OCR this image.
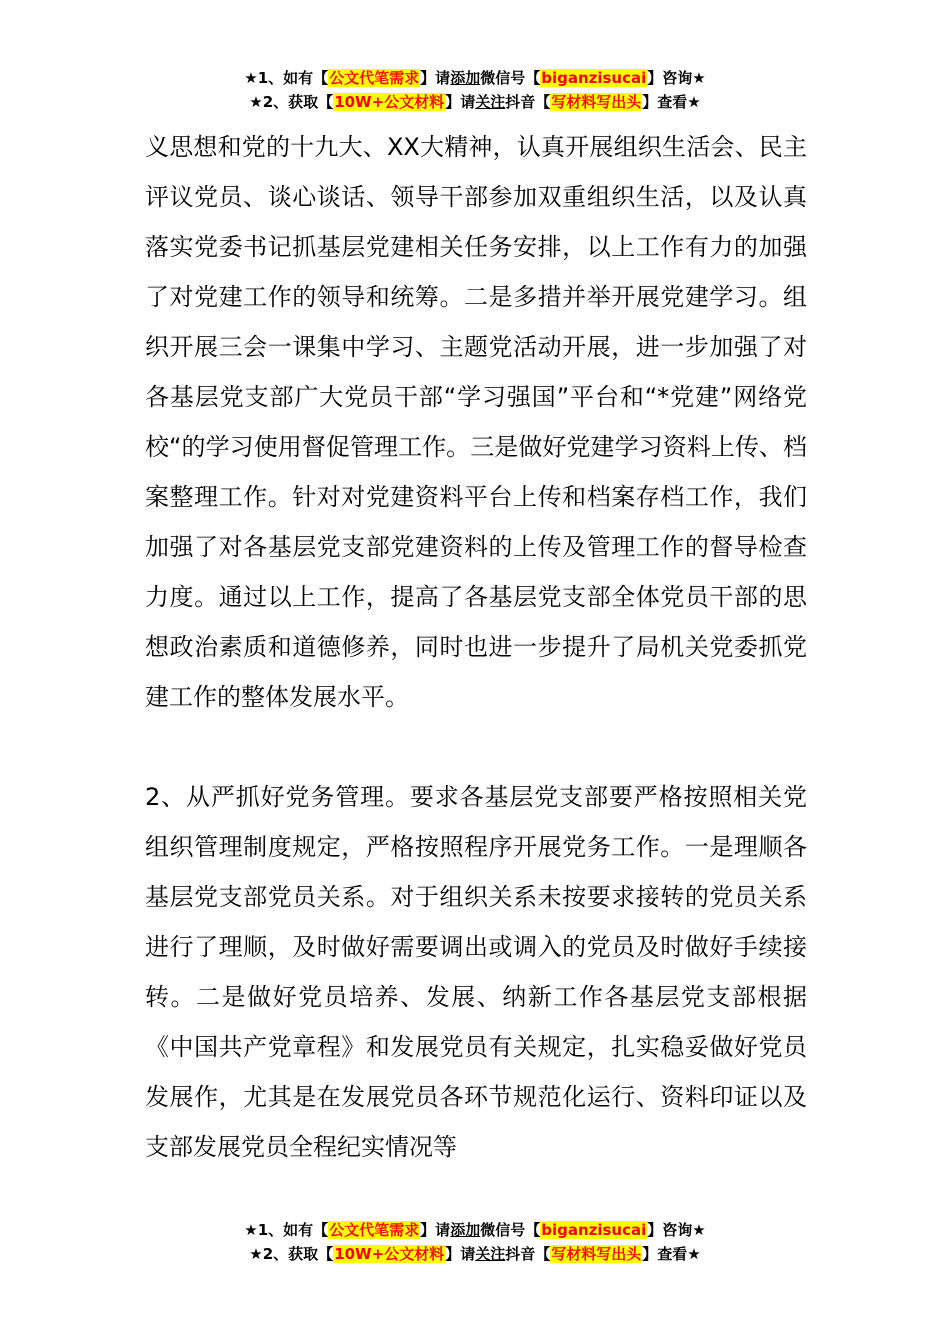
★1、如有【公文代笔需求】请添加微信号【biganzisucai】咨询★
★2、获取【10W+公文材料】请关注抖音【写材料写出头】查看★

义思想和党的十九大、XX大精神，认真开展组织生活会、民主评议党员、谈心谈话、领导干部参加双重组织生活，以及认真落实党委书记抓基层党建相关任务安排，以上工作有力的加强了对党建工作的领导和统筹。二是多措并举开展党建学习。组织开展三会一课集中学习、主题党活动开展，进一步加强了对各基层党支部广大党员干部“学习强国”平台和“*党建”网络党校“的学习使用督促管理工作。三是做好党建学习资料上传、档案整理工作。针对对党建资料平台上传和档案存档工作，我们加强了对各基层党支部党建资料的上传及管理工作的督导检查力度。通过以上工作，提高了各基层党支部全体党员干部的思想政治素质和道德修养，同时也进一步提升了局机关党委抓党建工作的整体发展水平。

2、从严抓好党务管理。要求各基层党支部要严格按照相关党组织管理制度规定，严格按照程序开展党务工作。一是理顺各基层党支部党员关系。对于组织关系未按要求接转的党员关系进行了理顺，及时做好需要调出或调入的党员及时做好手续接转。二是做好党员培养、发展、纳新工作各基层党支部根据《中国共产党章程》和发展党员有关规定，扎实稳妥做好党员发展作，尤其是在发展党员各环节规范化运行、资料印证以及支部发展党员全程纪实情况等

★1、如有【公文代笔需求】请添加微信号【biganzisucai】咨询★
★2、获取【10W+公文材料】请关注抖音【写材料写出头】查看★
